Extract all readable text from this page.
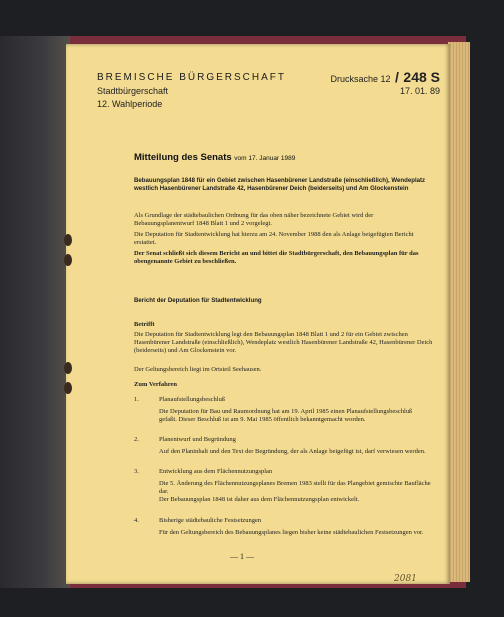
BREMISCHE BÜRGERSCHAFT
Stadtbürgerschaft
12. Wahlperiode
Drucksache 12 / 248 S
17. 01. 89
Mitteilung des Senats vom 17. Januar 1989
Bebauungsplan 1848 für ein Gebiet zwischen Hasenbürener Landstraße (einschließlich), Wendeplatz westlich Hasenbürener Landstraße 42, Hasenbürener Deich (beiderseits) und Am Glockenstein
Als Grundlage der städtebaulichen Ordnung für das oben näher bezeichnete Gebiet wird der Bebauungsplanentwurf 1848 Blatt 1 und 2 vorgelegt.
Die Deputation für Stadtentwicklung hat hierzu am 24. November 1988 den als Anlage beigefügten Bericht erstattet.
Der Senat schließt sich diesem Bericht an und bittet die Stadtbürgerschaft, den Bebauungsplan für das obengenannte Gebiet zu beschließen.
Bericht der Deputation für Stadtentwicklung
Betrifft
Die Deputation für Stadtentwicklung legt den Bebauungsplan 1848 Blatt 1 und 2 für ein Gebiet zwischen Hasenbürener Landstraße (einschließlich), Wendeplatz westlich Hasenbürener Landstraße 42, Hasenbürener Deich (beiderseits) und Am Glockenstein vor.
Der Geltungsbereich liegt im Ortsteil Seehausen.
Zum Verfahren
1.	Planaufstellungsbeschluß
Die Deputation für Bau und Raumordnung hat am 19. April 1985 einen Planaufstellungsbeschluß gefaßt. Dieser Beschluß ist am 9. Mai 1985 öffentlich bekanntgemacht worden.
2.	Planentwurf und Begründung
Auf den Planinhalt und den Text der Begründung, der als Anlage beigefügt ist, darf verwiesen werden.
3.	Entwicklung aus dem Flächennutzungsplan
Die 5. Änderung des Flächennutzungsplanes Bremen 1983 stellt für das Plangebiet gemischte Baufläche dar.
Der Bebauungsplan 1848 ist daher aus dem Flächennutzungsplan entwickelt.
4.	Bisherige städtebauliche Festsetzungen
Für den Geltungsbereich des Bebauungsplanes liegen bisher keine städtebaulichen Festsetzungen vor.
— 1 —
2081
